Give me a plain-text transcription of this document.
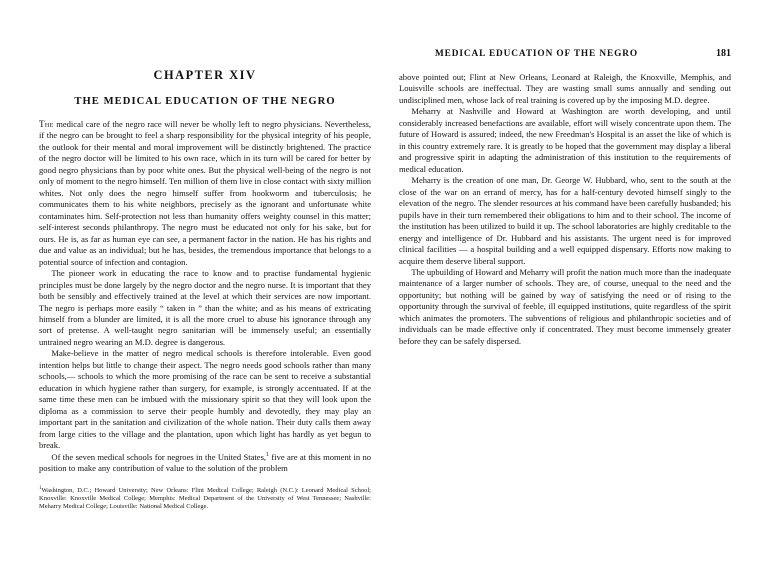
CHAPTER XIV
THE MEDICAL EDUCATION OF THE NEGRO

The medical care of the negro race will never be wholly left to negro physicians. Nevertheless, if the negro can be brought to feel a sharp responsibility for the physical integrity of his people, the outlook for their mental and moral improvement will be distinctly brightened. The practice of the negro doctor will be limited to his own race, which in its turn will be cared for better by good negro physicians than by poor white ones. But the physical well-being of the negro is not only of moment to the negro himself. Ten million of them live in close contact with sixty million whites. Not only does the negro himself suffer from hookworm and tuberculosis; he communicates them to his white neighbors, precisely as the ignorant and unfortunate white contaminates him. Self-protection not less than humanity offers weighty counsel in this matter; self-interest seconds philanthropy. The negro must be educated not only for his sake, but for ours. He is, as far as human eye can see, a permanent factor in the nation. He has his rights and due and value as an individual; but he has, besides, the tremendous importance that belongs to a potential source of infection and contagion.

The pioneer work in educating the race to know and to practise fundamental hygienic principles must be done largely by the negro doctor and the negro nurse. It is important that they both be sensibly and effectively trained at the level at which their services are now important. The negro is perhaps more easily “ taken in ” than the white; and as his means of extricating himself from a blunder are limited, it is all the more cruel to abuse his ignorance through any sort of pretense. A well-taught negro sanitarian will be immensely useful; an essentially untrained negro wearing an M.D. degree is dangerous.

Make-believe in the matter of negro medical schools is therefore intolerable. Even good intention helps but little to change their aspect. The negro needs good schools rather than many schools,— schools to which the more promising of the race can be sent to receive a substantial education in which hygiene rather than surgery, for example, is strongly accentuated. If at the same time these men can be imbued with the missionary spirit so that they will look upon the diploma as a commission to serve their people humbly and devotedly, they may play an important part in the sanitation and civilization of the whole nation. Their duty calls them away from large cities to the village and the plantation, upon which light has hardly as yet begun to break.

Of the seven medical schools for negroes in the United States,$^1$ five are at this moment in no position to make any contribution of value to the solution of the problem

MEDICAL EDUCATION OF THE NEGRO	181

above pointed out; Flint at New Orleans, Leonard at Raleigh, the Knoxville, Memphis, and Louisville schools are ineffectual. They are wasting small sums annually and sending out undisciplined men, whose lack of real training is covered up by the imposing M.D. degree.

Meharry at Nashville and Howard at Washington are worth developing, and until considerably increased benefactions are available, effort will wisely concentrate upon them. The future of Howard is assured; indeed, the new Freedman's Hospital is an asset the like of which is in this country extremely rare. It is greatly to be hoped that the government may display a liberal and progressive spirit in adapting the administration of this institution to the requirements of medical education.

Meharry is the creation of one man, Dr. George W. Hubbard, who, sent to the south at the close of the war on an errand of mercy, has for a half-century devoted himself singly to the elevation of the negro. The slender resources at his command have been carefully husbanded; his pupils have in their turn remembered their obligations to him and to their school. The income of the institution has been utilized to build it up. The school laboratories are highly creditable to the energy and intelligence of Dr. Hubbard and his assistants. The urgent need is for improved clinical facilities — a hospital building and a well equipped dispensary. Efforts now making to acquire them deserve liberal support.

The upbuilding of Howard and Meharry will profit the nation much more than the inadequate maintenance of a larger number of schools. They are, of course, unequal to the need and the opportunity; but nothing will be gained by way of satisfying the need or of rising to the opportunity through the survival of feeble, ill equipped institutions, quite regardless of the spirit which animates the promoters. The subventions of religious and philanthropic societies and of individuals can be made effective only if concentrated. They must become immensely greater before they can be safely dispersed.

$^1$Washington, D.C.; Howard University; New Orleans: Flint Medical College; Raleigh (N.C.): Leonard Medical School; Knoxville: Knoxville Medical College; Memphis: Medical Department of the University of West Tennessee; Nashville: Meharry Medical College; Louisville: National Medical College.
